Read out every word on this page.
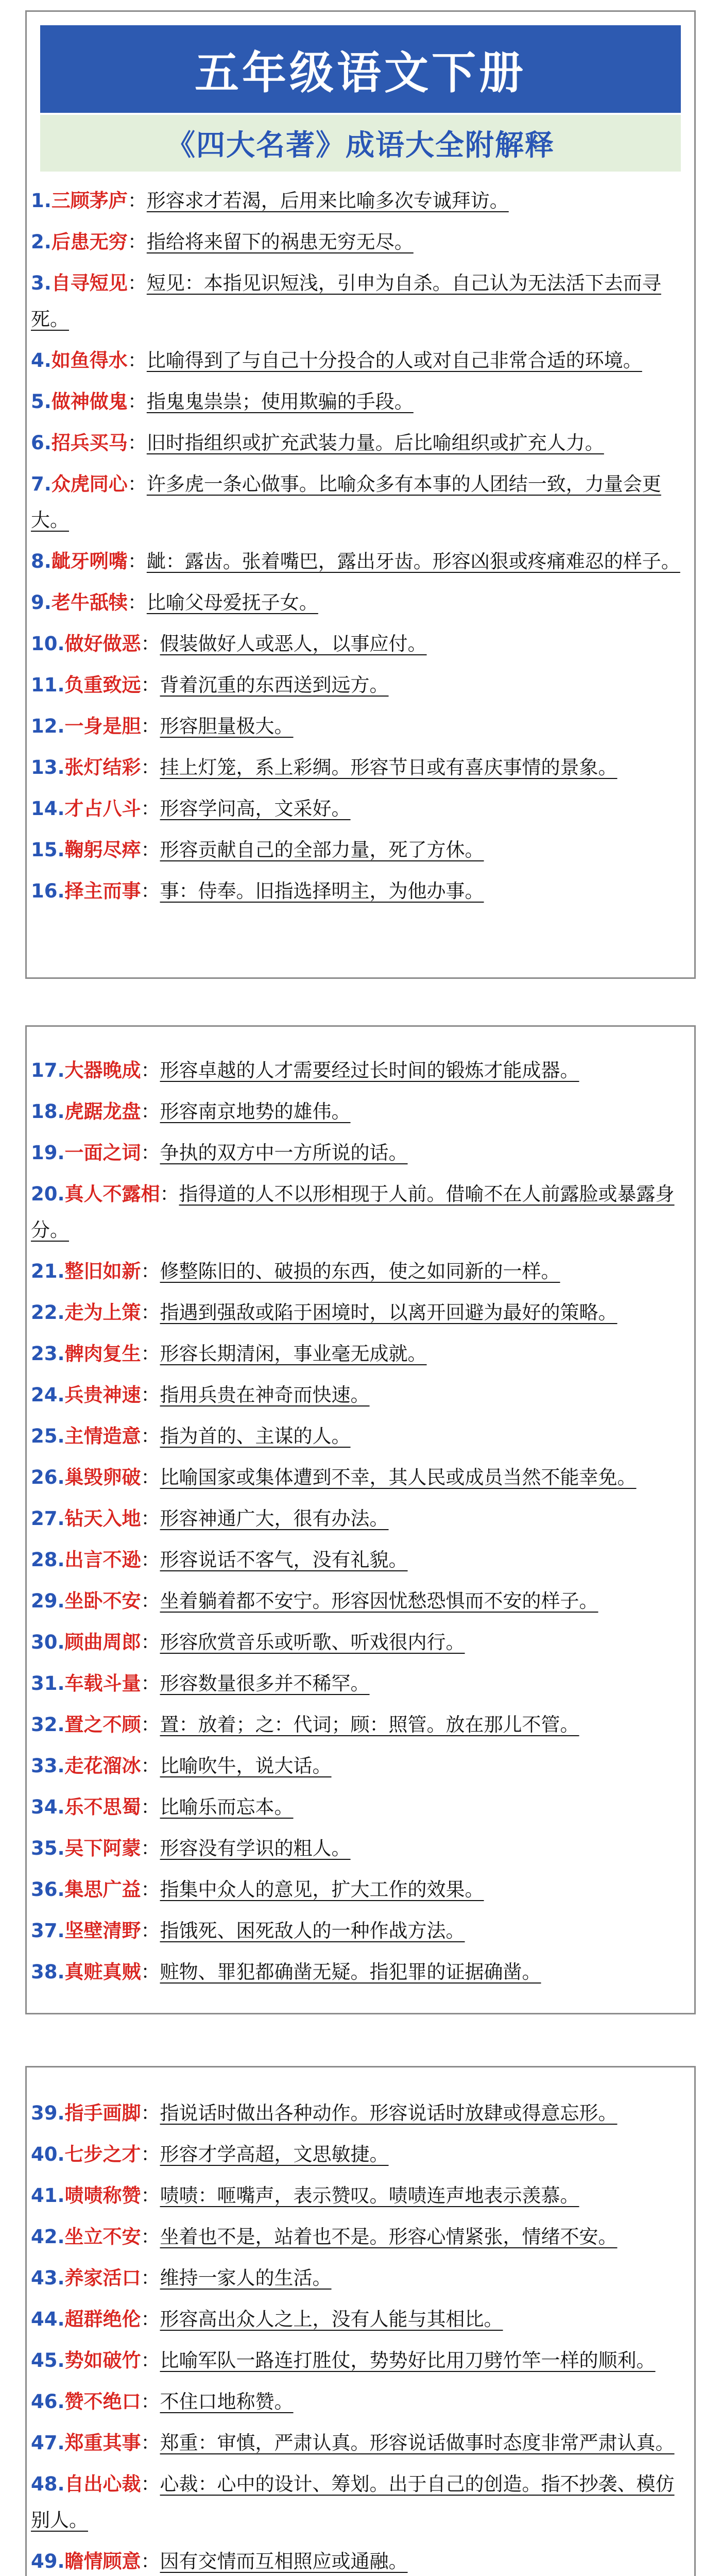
五年级语文下册
《四大名著》成语大全附解释
1.三顾茅庐：形容求才若渴，后用来比喻多次专诚拜访。
2.后患无穷：指给将来留下的祸患无穷无尽。
3.自寻短见：短见：本指见识短浅，引申为自杀。自己认为无法活下去而寻死。
4.如鱼得水：比喻得到了与自己十分投合的人或对自己非常合适的环境。
5.做神做鬼：指鬼鬼祟祟；使用欺骗的手段。
6.招兵买马：旧时指组织或扩充武装力量。后比喻组织或扩充人力。
7.众虎同心：许多虎一条心做事。比喻众多有本事的人团结一致，力量会更大。
8.龇牙咧嘴：龇：露齿。张着嘴巴，露出牙齿。形容凶狠或疼痛难忍的样子。
9.老牛舐犊：比喻父母爱抚子女。
10.做好做恶：假装做好人或恶人，以事应付。
11.负重致远：背着沉重的东西送到远方。
12.一身是胆：形容胆量极大。
13.张灯结彩：挂上灯笼，系上彩绸。形容节日或有喜庆事情的景象。
14.才占八斗：形容学问高，文采好。
15.鞠躬尽瘁：形容贡献自己的全部力量，死了方休。
16.择主而事：事：侍奉。旧指选择明主，为他办事。
17.大器晚成：形容卓越的人才需要经过长时间的锻炼才能成器。
18.虎踞龙盘：形容南京地势的雄伟。
19.一面之词：争执的双方中一方所说的话。
20.真人不露相：指得道的人不以形相现于人前。借喻不在人前露脸或暴露身分。
21.整旧如新：修整陈旧的、破损的东西，使之如同新的一样。
22.走为上策：指遇到强敌或陷于困境时，以离开回避为最好的策略。
23.髀肉复生：形容长期清闲，事业毫无成就。
24.兵贵神速：指用兵贵在神奇而快速。
25.主情造意：指为首的、主谋的人。
26.巢毁卵破：比喻国家或集体遭到不幸，其人民或成员当然不能幸免。
27.钻天入地：形容神通广大，很有办法。
28.出言不逊：形容说话不客气，没有礼貌。
29.坐卧不安：坐着躺着都不安宁。形容因忧愁恐惧而不安的样子。
30.顾曲周郎：形容欣赏音乐或听歌、听戏很内行。
31.车载斗量：形容数量很多并不稀罕。
32.置之不顾：置：放着；之：代词；顾：照管。放在那儿不管。
33.走花溜冰：比喻吹牛，说大话。
34.乐不思蜀：比喻乐而忘本。
35.吴下阿蒙：形容没有学识的粗人。
36.集思广益：指集中众人的意见，扩大工作的效果。
37.坚壁清野：指饿死、困死敌人的一种作战方法。
38.真赃真贼：赃物、罪犯都确凿无疑。指犯罪的证据确凿。
39.指手画脚：指说话时做出各种动作。形容说话时放肆或得意忘形。
40.七步之才：形容才学高超，文思敏捷。
41.啧啧称赞：啧啧：咂嘴声，表示赞叹。啧啧连声地表示羡慕。
42.坐立不安：坐着也不是，站着也不是。形容心情紧张，情绪不安。
43.养家活口：维持一家人的生活。
44.超群绝伦：形容高出众人之上，没有人能与其相比。
45.势如破竹：比喻军队一路连打胜仗，势势好比用刀劈竹竿一样的顺利。
46.赞不绝口：不住口地称赞。
47.郑重其事：郑重：审慎，严肃认真。形容说话做事时态度非常严肃认真。
48.自出心裁：心裁：心中的设计、筹划。出于自己的创造。指不抄袭、模仿别人。
49.瞻情顾意：因有交情而互相照应或通融。
